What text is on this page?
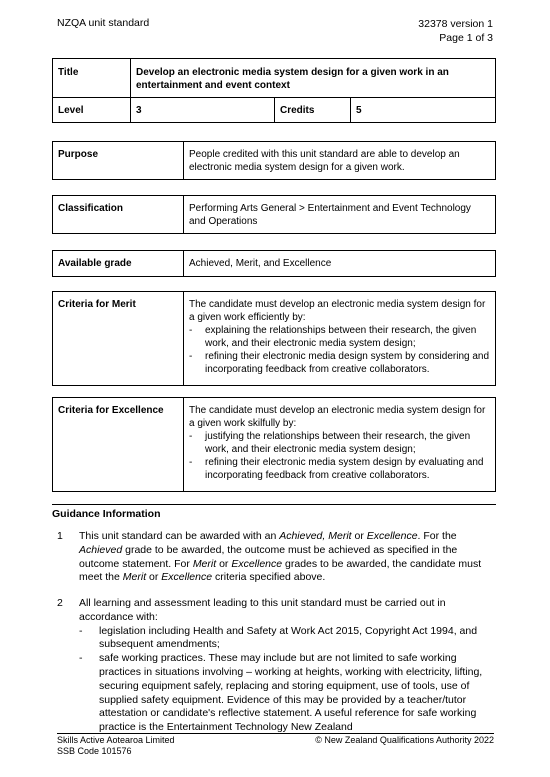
NZQA unit standard	32378 version 1
Page 1 of 3
Title	Develop an electronic media system design for a given work in an entertainment and event context		
Level	3	Credits	5
Purpose	People credited with this unit standard are able to develop an electronic media system design for a given work.
Classification	Performing Arts General > Entertainment and Event Technology and Operations
Available grade	Achieved, Merit, and Excellence
Criteria for Merit	The candidate must develop an electronic media system design for a given work efficiently by:
- explaining the relationships between their research, the given work, and their electronic media system design;
- refining their electronic media design system by considering and incorporating feedback from creative collaborators.
Criteria for Excellence	The candidate must develop an electronic media system design for a given work skilfully by:
- justifying the relationships between their research, the given work, and their electronic media system design;
- refining their electronic media system design by evaluating and incorporating feedback from creative collaborators.
Guidance Information
1 This unit standard can be awarded with an Achieved, Merit or Excellence. For the Achieved grade to be awarded, the outcome must be achieved as specified in the outcome statement. For Merit or Excellence grades to be awarded, the candidate must meet the Merit or Excellence criteria specified above.
2 All learning and assessment leading to this unit standard must be carried out in accordance with:
- legislation including Health and Safety at Work Act 2015, Copyright Act 1994, and subsequent amendments;
- safe working practices. These may include but are not limited to safe working practices in situations involving – working at heights, working with electricity, lifting, securing equipment safely, replacing and storing equipment, use of tools, use of supplied safety equipment. Evidence of this may be provided by a teacher/tutor attestation or candidate's reflective statement. A useful reference for safe working practice is the Entertainment Technology New Zealand
Skills Active Aotearoa Limited
SSB Code 101576
© New Zealand Qualifications Authority 2022
